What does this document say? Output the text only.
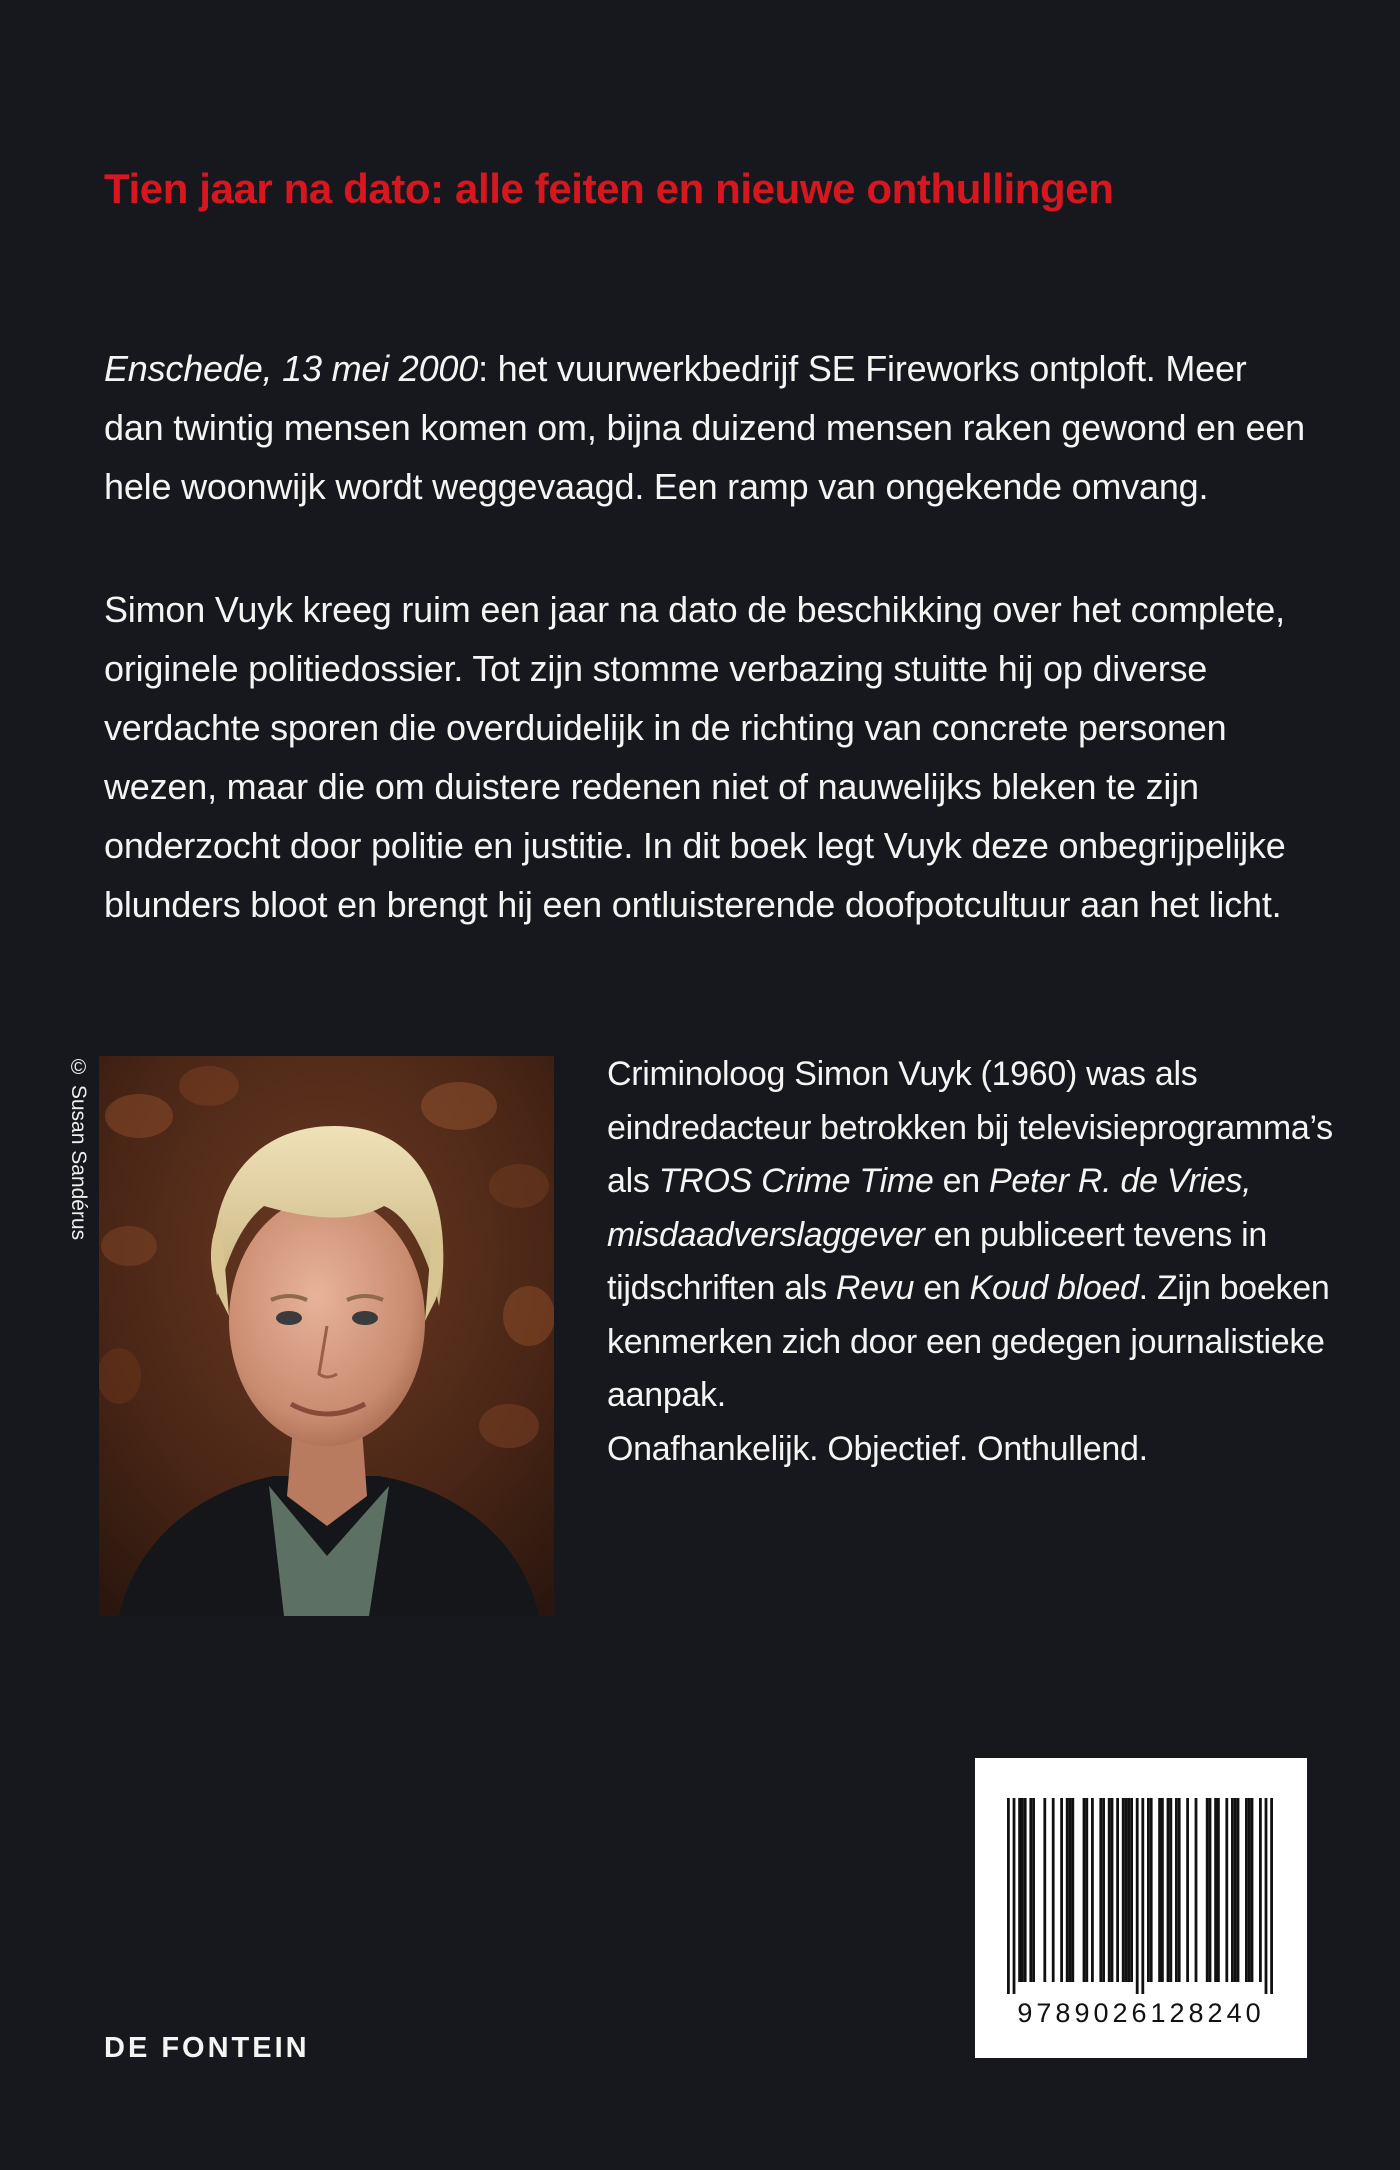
Tien jaar na dato: alle feiten en nieuwe onthullingen

Enschede, 13 mei 2000: het vuurwerkbedrijf SE Fireworks ontploft. Meer dan twintig mensen komen om, bijna duizend mensen raken gewond en een hele woonwijk wordt weggevaagd. Een ramp van ongekende omvang.

Simon Vuyk kreeg ruim een jaar na dato de beschikking over het complete, originele politiedossier. Tot zijn stomme verbazing stuitte hij op diverse verdachte sporen die overduidelijk in de richting van concrete personen wezen, maar die om duistere redenen niet of nauwelijks bleken te zijn onderzocht door politie en justitie. In dit boek legt Vuyk deze onbegrijpelijke blunders bloot en brengt hij een ontluisterende doofpotcultuur aan het licht.

© Susan Sandérus	Criminoloog Simon Vuyk (1960) was als eindredacteur betrokken bij televisieprogramma’s als TROS Crime Time en Peter R. de Vries, misdaadverslaggever en publiceert tevens in tijdschriften als Revu en Koud bloed. Zijn boeken kenmerken zich door een gedegen journalistieke aanpak.
Onafhankelijk. Objectief. Onthullend.

9789026128240

DE FONTEIN
